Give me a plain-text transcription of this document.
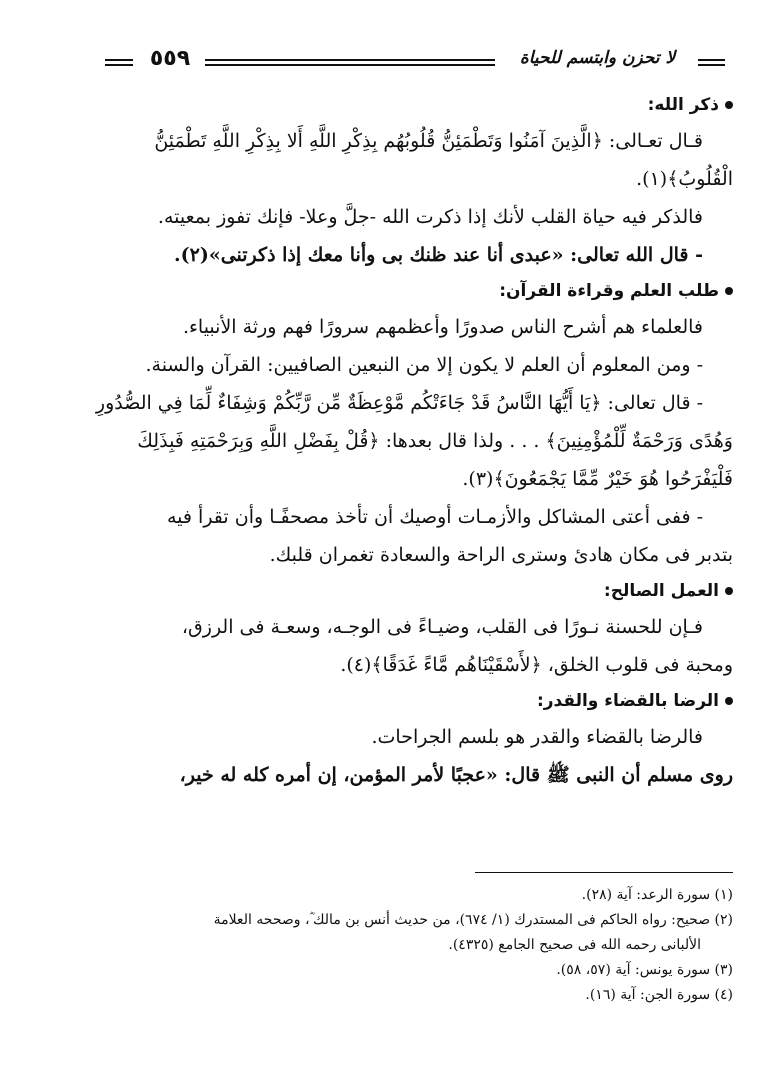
٥٥٩	لا تحزن وابتسم للحياة
ذكر الله:
قـال تعـالى: ﴿الَّذِينَ آمَنُوا وَتَطْمَئِنُّ قُلُوبُهُم بِذِكْرِ اللَّهِ أَلا بِذِكْرِ اللَّهِ تَطْمَئِنُّ
الْقُلُوبُ﴾(١).
فالذكر فيه حياة القلب لأنك إذا ذكرت الله -جلَّ وعلا- فإنك تفوز بمعيته.
- قال الله تعالى: «عبدى أنا عند ظنك بى وأنا معك إذا ذكرتنى»(٢).
طلب العلم وقراءة القرآن:
فالعلماء هم أشرح الناس صدورًا وأعظمهم سرورًا فهم ورثة الأنبياء.
- ومن المعلوم أن العلم لا يكون إلا من النبعين الصافيين: القرآن والسنة.
- قال تعالى: ﴿يَا أَيُّهَا النَّاسُ قَدْ جَاءَتْكُم مَّوْعِظَةٌ مِّن رَّبِّكُمْ وَشِفَاءٌ لِّمَا فِي الصُّدُورِ
وَهُدًى وَرَحْمَةٌ لِّلْمُؤْمِنِينَ﴾ . . . ولذا قال بعدها: ﴿قُلْ بِفَضْلِ اللَّهِ وَبِرَحْمَتِهِ فَبِذَلِكَ
فَلْيَفْرَحُوا هُوَ خَيْرٌ مِّمَّا يَجْمَعُونَ﴾(٣).
- ففى أعتى المشاكل والأزمـات أوصيك أن تأخذ مصحفًـا وأن تقرأ فيه
بتدبر فى مكان هادئ وسترى الراحة والسعادة تغمران قلبك.
العمل الصالح:
فـإن للحسنة نـورًا فى القلب، وضيـاءً فى الوجـه، وسعـة فى الرزق،
ومحبة فى قلوب الخلق، ﴿لأَسْقَيْنَاهُم مَّاءً غَدَقًا﴾(٤).
الرضا بالقضاء والقدر:
فالرضا بالقضاء والقدر هو بلسم الجراحات.
روى مسلم أن النبى ﷺ قال: «عجبًا لأمر المؤمن، إن أمره كله له خير،
(١) سورة الرعد: آية (٢٨).
(٢) صحيح: رواه الحاكم فى المستدرك (١/ ٦٧٤)، من حديث أنس بن مالك ؓ، وصححه العلامة
الألبانى رحمه الله فى صحيح الجامع (٤٣٢٥).
(٣) سورة يونس: آية (٥٧، ٥٨).
(٤) سورة الجن: آية (١٦).
